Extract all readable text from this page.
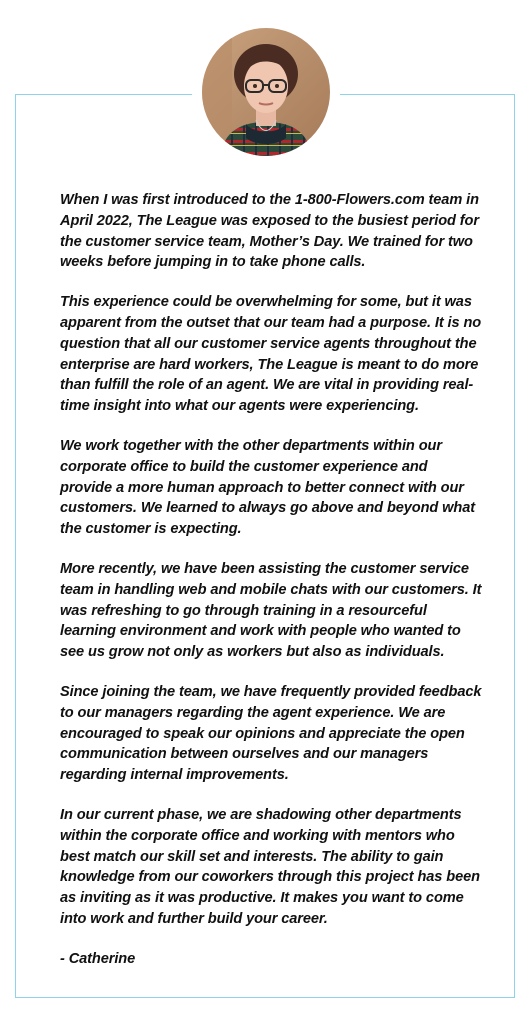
When I was first introduced to the 1-800-Flowers.com team in April 2022, The League was exposed to the busiest period for the customer service team, Mother’s Day. We trained for two weeks before jumping in to take phone calls.

This experience could be overwhelming for some, but it was apparent from the outset that our team had a purpose. It is no question that all our customer service agents throughout the enterprise are hard workers, The League is meant to do more than fulfill the role of an agent. We are vital in providing real-time insight into what our agents were experiencing.

We work together with the other departments within our corporate office to build the customer experience and provide a more human approach to better connect with our customers. We learned to always go above and beyond what the customer is expecting.

More recently, we have been assisting the customer service team in handling web and mobile chats with our customers. It was refreshing to go through training in a resourceful learning environment and work with people who wanted to see us grow not only as workers but also as individuals.

Since joining the team, we have frequently provided feedback to our managers regarding the agent experience. We are encouraged to speak our opinions and appreciate the open communication between ourselves and our managers regarding internal improvements.

In our current phase, we are shadowing other departments within the corporate office and working with mentors who best match our skill set and interests. The ability to gain knowledge from our coworkers through this project has been as inviting as it was productive. It makes you want to come into work and further build your career.

- Catherine
